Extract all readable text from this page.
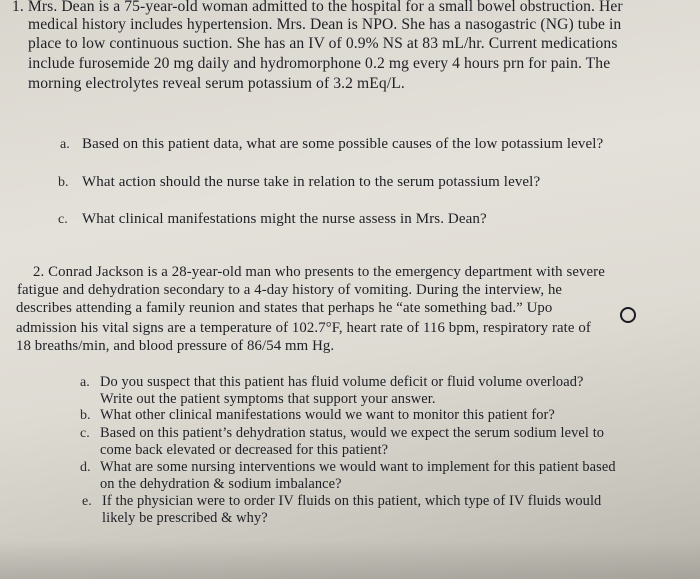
1. Mrs. Dean is a 75-year-old woman admitted to the hospital for a small bowel obstruction. Her
medical history includes hypertension. Mrs. Dean is NPO. She has a nasogastric (NG) tube in
place to low continuous suction. She has an IV of 0.9% NS at 83 mL/hr. Current medications
include furosemide 20 mg daily and hydromorphone 0.2 mg every 4 hours prn for pain. The
morning electrolytes reveal serum potassium of 3.2 mEq/L.
a. Based on this patient data, what are some possible causes of the low potassium level?
b. What action should the nurse take in relation to the serum potassium level?
c. What clinical manifestations might the nurse assess in Mrs. Dean?
2. Conrad Jackson is a 28-year-old man who presents to the emergency department with severe
fatigue and dehydration secondary to a 4-day history of vomiting. During the interview, he
describes attending a family reunion and states that perhaps he “ate something bad.” Upo
admission his vital signs are a temperature of 102.7°F, heart rate of 116 bpm, respiratory rate of
18 breaths/min, and blood pressure of 86/54 mm Hg.
a. Do you suspect that this patient has fluid volume deficit or fluid volume overload?
Write out the patient symptoms that support your answer.
b. What other clinical manifestations would we want to monitor this patient for?
c. Based on this patient’s dehydration status, would we expect the serum sodium level to
come back elevated or decreased for this patient?
d. What are some nursing interventions we would want to implement for this patient based
on the dehydration & sodium imbalance?
e. If the physician were to order IV fluids on this patient, which type of IV fluids would
likely be prescribed & why?
